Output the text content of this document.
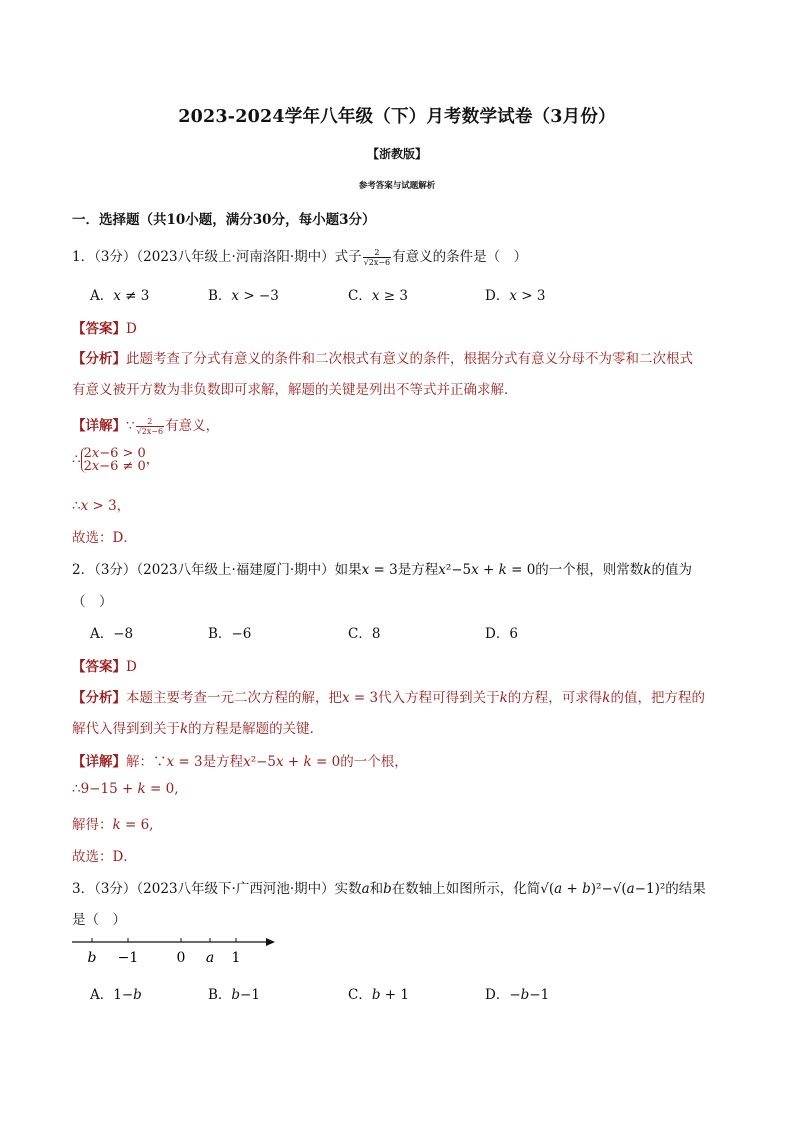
2023-2024学年八年级（下）月考数学试卷（3月份）
【浙教版】
参考答案与试题解析
一．选择题（共10小题，满分30分，每小题3分）
1．（3分）（2023八年级上·河南洛阳·期中）式子 $\frac{2}{√2x-6}$ 有意义的条件是（　）
A．𝑥 ≠ 3	B．𝑥 > −3	C．𝑥 ≥ 3	D．𝑥 > 3
【答案】D
【分析】此题考查了分式有意义的条件和二次根式有意义的条件，根据分式有意义分母不为零和二次根式
有意义被开方数为非负数即可求解，解题的关键是列出不等式并正确求解．
【详解】∵ $\frac{2}{√2x-6}$ 有意义，
∴ 2𝑥−6 > 0
2𝑥−6 ≠ 0 ，
∴𝑥 > 3，
故选：D．
2．（3分）（2023八年级上·福建厦门·期中）如果𝑥 = 3是方程𝑥²−5𝑥 + 𝑘 = 0的一个根，则常数𝑘的值为
（　）
A．−8	B．−6	C．8	D．6
【答案】D
【分析】本题主要考查一元二次方程的解，把𝑥 = 3代入方程可得到关于𝑘的方程，可求得𝑘的值，把方程的
解代入得到到关于𝑘的方程是解题的关键．
【详解】解：∵𝑥 = 3是方程𝑥²−5𝑥 + 𝑘 = 0的一个根，
∴9−15 + 𝑘 = 0,
解得：𝑘 = 6,
故选：D．
3．（3分）（2023八年级下·广西河池·期中）实数𝑎和𝑏在数轴上如图所示，化简√(𝑎 + 𝑏)²−√(𝑎−1)²的结果
是（　）
𝑏 −1	0 𝑎 1
A．1−𝑏	B．𝑏−1	C．𝑏 + 1	D．−𝑏−1
